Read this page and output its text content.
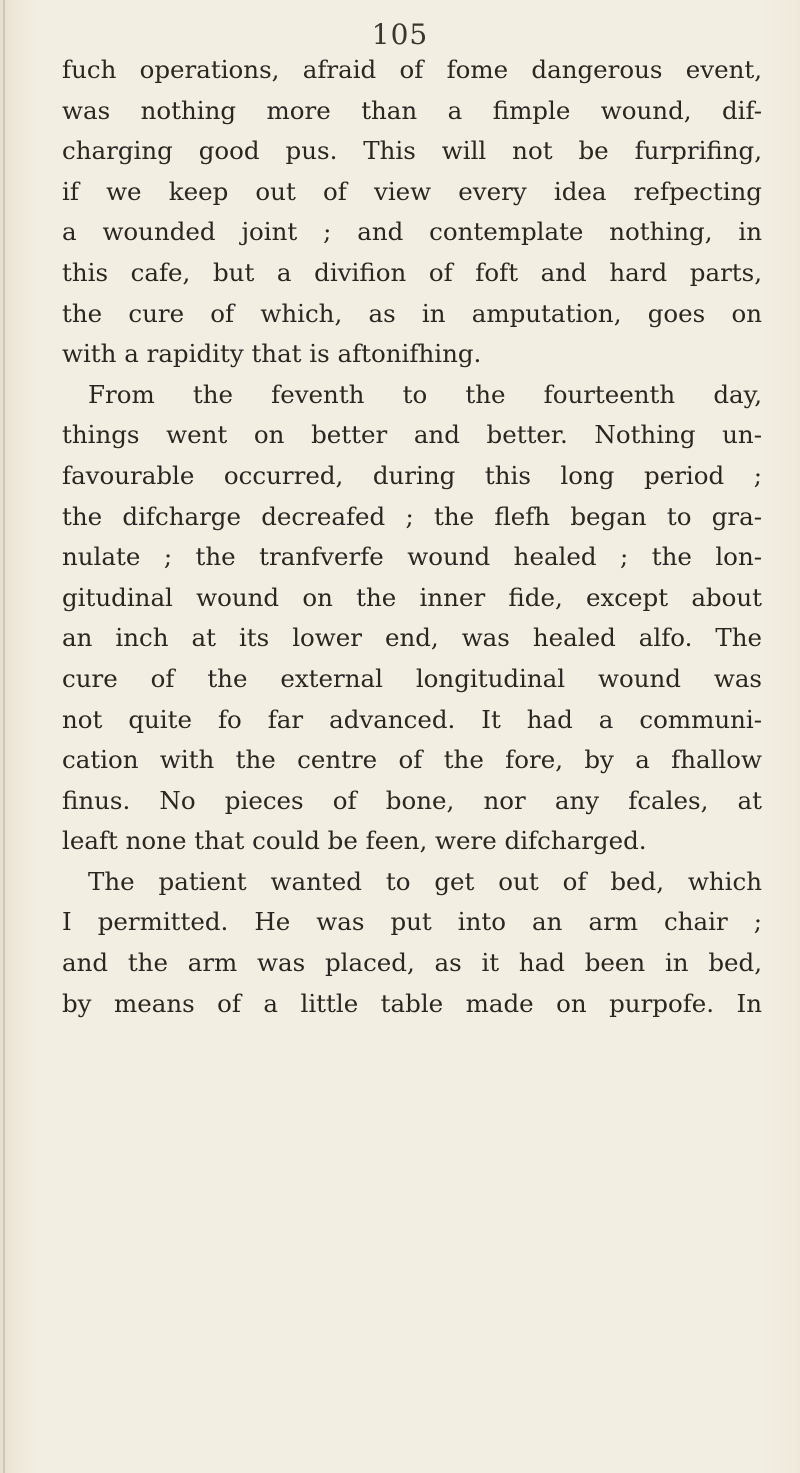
105
fuch operations, afraid of fome dangerous event,
was nothing more than a fimple wound, dif-
charging good pus. This will not be furprifing,
if we keep out of view every idea refpecting
a wounded joint ; and contemplate nothing, in
this cafe, but a divifion of foft and hard parts,
the cure of which, as in amputation, goes on
with a rapidity that is aftonifhing.
From the feventh to the fourteenth day,
things went on better and better. Nothing un-
favourable occurred, during this long period ;
the difcharge decreafed ; the flefh began to gra-
nulate ; the tranfverfe wound healed ; the lon-
gitudinal wound on the inner fide, except about
an inch at its lower end, was healed alfo. The
cure of the external longitudinal wound was
not quite fo far advanced. It had a communi-
cation with the centre of the fore, by a fhallow
finus. No pieces of bone, nor any fcales, at
leaft none that could be feen, were difcharged.
The patient wanted to get out of bed, which
I permitted. He was put into an arm chair ;
and the arm was placed, as it had been in bed,
by means of a little table made on purpofe. In
